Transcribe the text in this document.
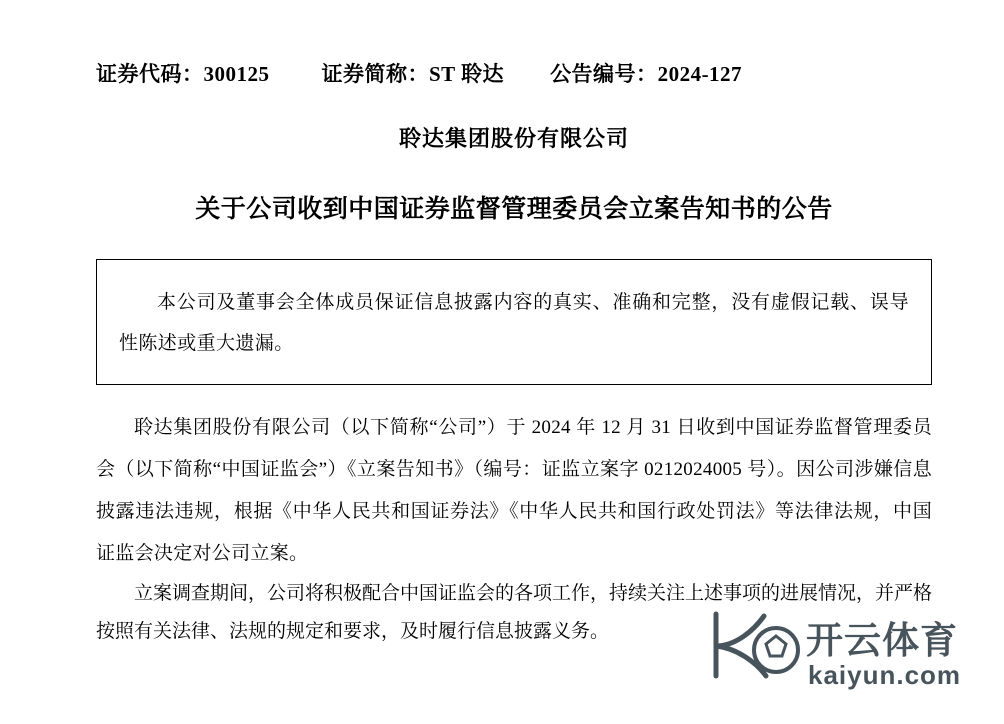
证券代码：300125 证券简称：ST 聆达 公告编号：2024-127
聆达集团股份有限公司
关于公司收到中国证券监督管理委员会立案告知书的公告

本公司及董事会全体成员保证信息披露内容的真实、准确和完整，没有虚假记载、误导性陈述或重大遗漏。

聆达集团股份有限公司（以下简称“公司”）于 2024 年 12 月 31 日收到中国证券监督管理委员会（以下简称“中国证监会”）《立案告知书》（编号：证监立案字 0212024005 号）。因公司涉嫌信息披露违法违规，根据《中华人民共和国证券法》《中华人民共和国行政处罚法》等法律法规，中国证监会决定对公司立案。

立案调查期间，公司将积极配合中国证监会的各项工作，持续关注上述事项的进展情况，并严格按照有关法律、法规的规定和要求，及时履行信息披露义务。	开云体育
kaiyun.com
